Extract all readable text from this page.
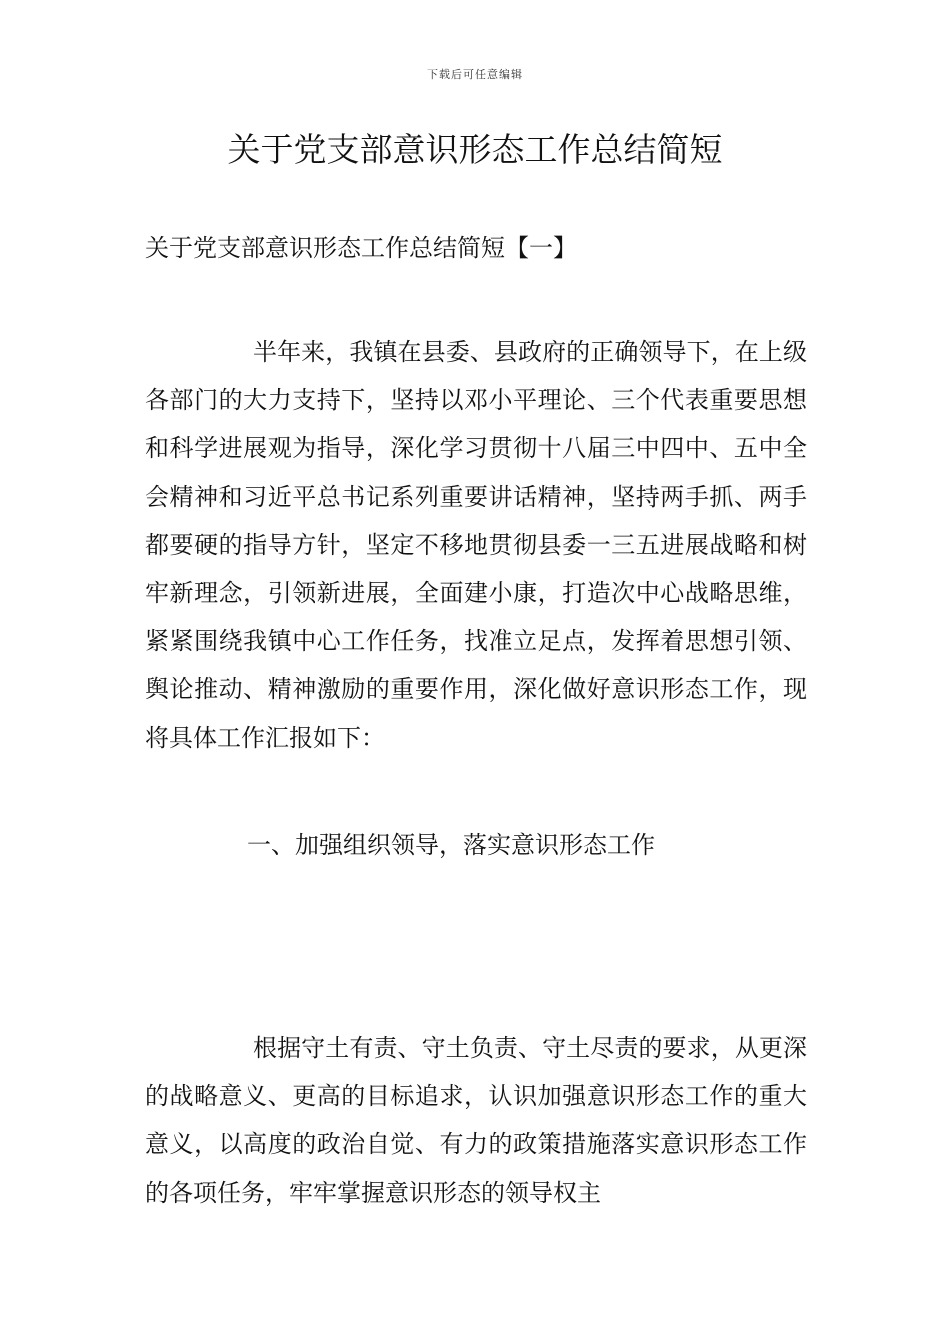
下载后可任意编辑
关于党支部意识形态工作总结简短
关于党支部意识形态工作总结简短【一】

半年来，我镇在县委、县政府的正确领导下，在上级各部门的大力支持下，坚持以邓小平理论、三个代表重要思想和科学进展观为指导，深化学习贯彻十八届三中四中、五中全会精神和习近平总书记系列重要讲话精神，坚持两手抓、两手都要硬的指导方针，坚定不移地贯彻县委一三五进展战略和树牢新理念，引领新进展，全面建小康，打造次中心战略思维，紧紧围绕我镇中心工作任务，找准立足点，发挥着思想引领、舆论推动、精神激励的重要作用，深化做好意识形态工作，现将具体工作汇报如下：

一、加强组织领导，落实意识形态工作

根据守土有责、守土负责、守土尽责的要求，从更深的战略意义、更高的目标追求，认识加强意识形态工作的重大意义，以高度的政治自觉、有力的政策措施落实意识形态工作的各项任务，牢牢掌握意识形态的领导权主
